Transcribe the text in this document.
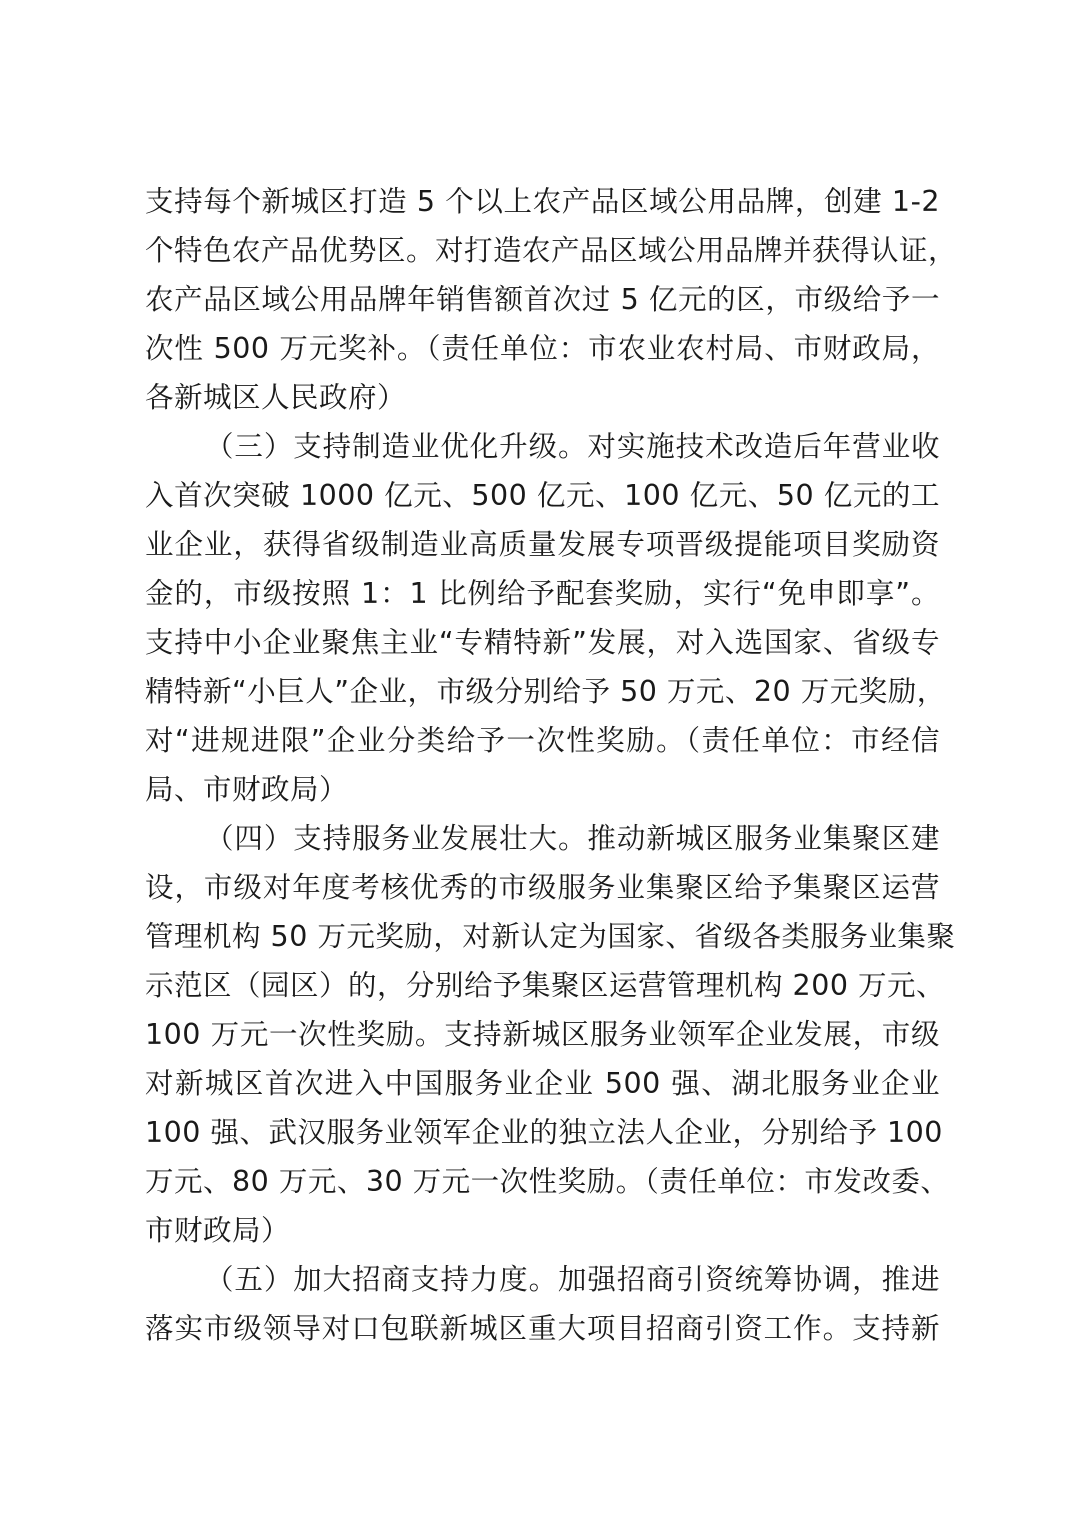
支持每个新城区打造 5 个以上农产品区域公用品牌，创建 1-2
个特色农产品优势区。对打造农产品区域公用品牌并获得认证，
农产品区域公用品牌年销售额首次过 5 亿元的区，市级给予一
次性 500 万元奖补。（责任单位：市农业农村局、市财政局，
各新城区人民政府）
（三）支持制造业优化升级。对实施技术改造后年营业收
入首次突破 1000 亿元、500 亿元、100 亿元、50 亿元的工
业企业，获得省级制造业高质量发展专项晋级提能项目奖励资
金的，市级按照 1：1 比例给予配套奖励，实行“免申即享”。
支持中小企业聚焦主业“专精特新”发展，对入选国家、省级专
精特新“小巨人”企业，市级分别给予 50 万元、20 万元奖励，
对“进规进限”企业分类给予一次性奖励。（责任单位：市经信
局、市财政局）
（四）支持服务业发展壮大。推动新城区服务业集聚区建
设，市级对年度考核优秀的市级服务业集聚区给予集聚区运营
管理机构 50 万元奖励，对新认定为国家、省级各类服务业集聚
示范区（园区）的，分别给予集聚区运营管理机构 200 万元、
100 万元一次性奖励。支持新城区服务业领军企业发展，市级
对新城区首次进入中国服务业企业 500 强、湖北服务业企业
100 强、武汉服务业领军企业的独立法人企业，分别给予 100
万元、80 万元、30 万元一次性奖励。（责任单位：市发改委、
市财政局）
（五）加大招商支持力度。加强招商引资统筹协调，推进
落实市级领导对口包联新城区重大项目招商引资工作。支持新
